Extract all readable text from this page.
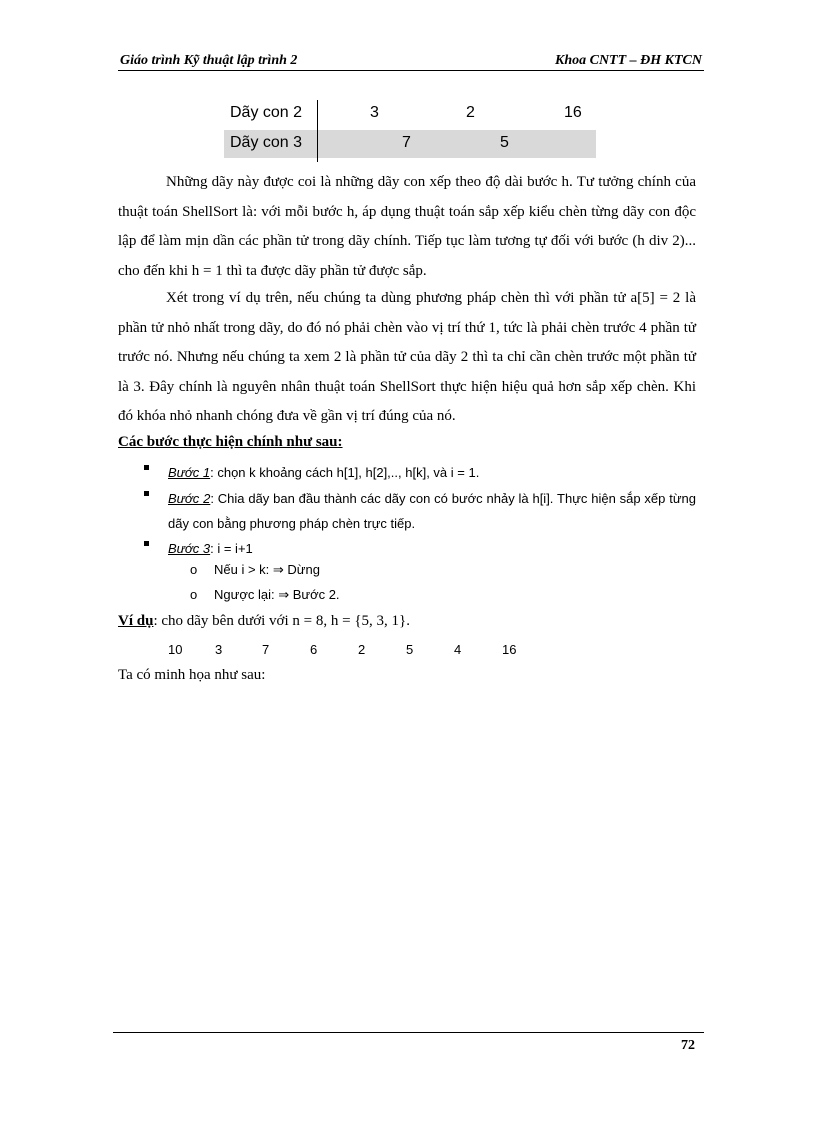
Giáo trình Kỹ thuật lập trình 2	Khoa CNTT – ĐH KTCN
Dãy con 2	3	2	16
Dãy con 3	7	5
Những dãy này được coi là những dãy con xếp theo độ dài bước h. Tư tưởng chính của thuật toán ShellSort là: với mỗi bước h, áp dụng thuật toán sắp xếp kiểu chèn từng dãy con độc lập để làm mịn dần các phần tử trong dãy chính. Tiếp tục làm tương tự đối với bước (h div 2)... cho đến khi h = 1 thì ta được dãy phần tử được sắp.
Xét trong ví dụ trên, nếu chúng ta dùng phương pháp chèn thì với phần tử a[5] = 2 là phần tử nhỏ nhất trong dãy, do đó nó phải chèn vào vị trí thứ 1, tức là phải chèn trước 4 phần tử trước nó. Nhưng nếu chúng ta xem 2 là phần tử của dãy 2 thì ta chỉ cần chèn trước một phần tử là 3. Đây chính là nguyên nhân thuật toán ShellSort thực hiện hiệu quả hơn sắp xếp chèn. Khi đó khóa nhỏ nhanh chóng đưa về gần vị trí đúng của nó.
Các bước thực hiện chính như sau:
Bước 1: chọn k khoảng cách h[1], h[2],.., h[k], và i = 1.
Bước 2: Chia dãy ban đầu thành các dãy con có bước nhảy là h[i]. Thực hiện sắp xếp từng dãy con bằng phương pháp chèn trực tiếp.
Bước 3: i = i+1
o Nếu i > k: ⇒ Dừng
o Ngược lại: ⇒ Bước 2.
Ví dụ: cho dãy bên dưới với n = 8, h = {5, 3, 1}.
10	3	7	6	2	5	4	16
Ta có minh họa như sau:
72
